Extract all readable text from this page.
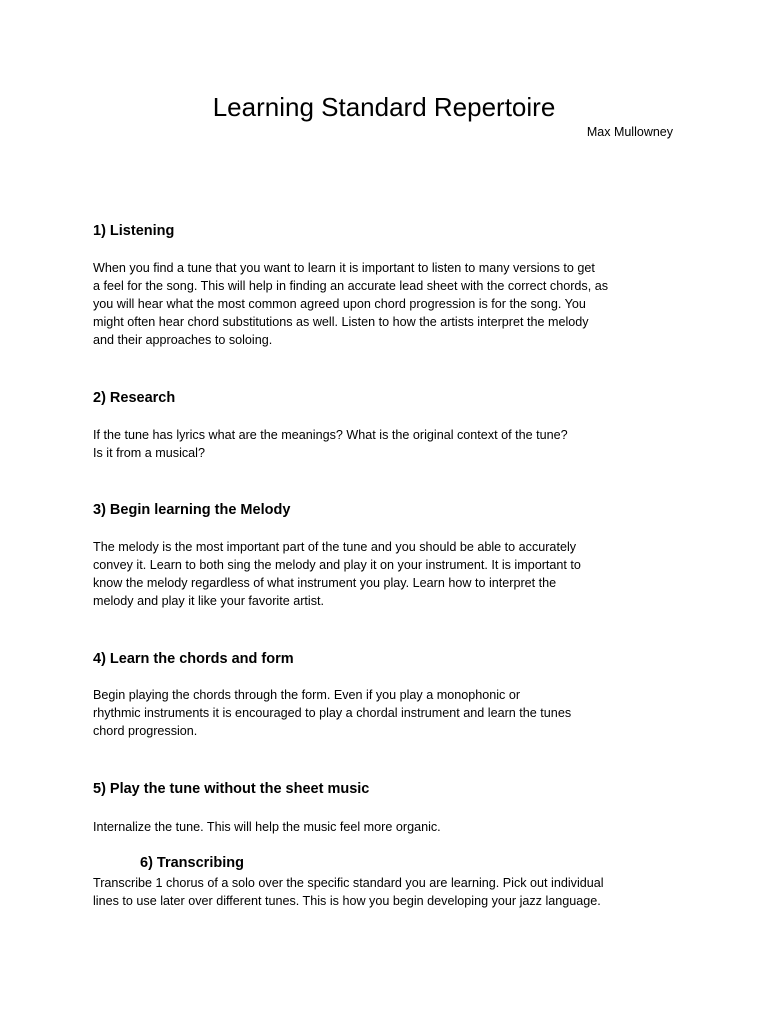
Learning Standard Repertoire

Max Mullowney

1) Listening

When you find a tune that you want to learn it is important to listen to many versions to get
a feel for the song. This will help in finding an accurate lead sheet with the correct chords, as
you will hear what the most common agreed upon chord progression is for the song. You
might often hear chord substitutions as well. Listen to how the artists interpret the melody
and their approaches to soloing.

2) Research

If the tune has lyrics what are the meanings? What is the original context of the tune?
Is it from a musical?

3) Begin learning the Melody

The melody is the most important part of the tune and you should be able to accurately
convey it. Learn to both sing the melody and play it on your instrument. It is important to
know the melody regardless of what instrument you play. Learn how to interpret the
melody and play it like your favorite artist.

4) Learn the chords and form

Begin playing the chords through the form. Even if you play a monophonic or
rhythmic instruments it is encouraged to play a chordal instrument and learn the tunes
chord progression.

5) Play the tune without the sheet music

Internalize the tune. This will help the music feel more organic.

6) Transcribing

Transcribe 1 chorus of a solo over the specific standard you are learning. Pick out individual
lines to use later over different tunes. This is how you begin developing your jazz language.
